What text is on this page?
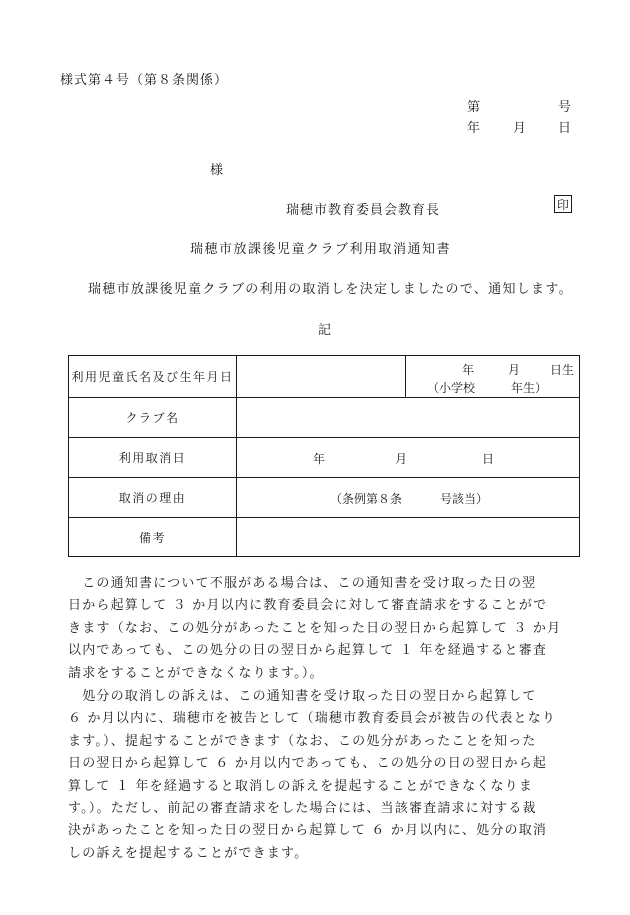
様式第４号（第８条関係）
第	号
年	月 日
様
瑞穂市教育委員会教育長	印
瑞穂市放課後児童クラブ利用取消通知書
瑞穂市放課後児童クラブの利用の取消しを決定しましたので、通知します。
記
利用児童氏名及び生年月日	年 月 日生
（小学校 年生）

クラブ名	
利用取消日	年 月 日

取消の理由	（条例第８条 号該当）

備考	

　この通知書について不服がある場合は、この通知書を受け取った日の翌
日から起算して ３ か月以内に教育委員会に対して審査請求をすることがで
きます（なお、この処分があったことを知った日の翌日から起算して ３ か月
以内であっても、この処分の日の翌日から起算して １ 年を経過すると審査
請求をすることができなくなります。）。

　処分の取消しの訴えは、この通知書を受け取った日の翌日から起算して
６ か月以内に、瑞穂市を被告として（瑞穂市教育委員会が被告の代表となり
ます。）、提起することができます（なお、この処分があったことを知った
日の翌日から起算して ６ か月以内であっても、この処分の日の翌日から起
算して １ 年を経過すると取消しの訴えを提起することができなくなりま
す。）。ただし、前記の審査請求をした場合には、当該審査請求に対する裁
決があったことを知った日の翌日から起算して ６ か月以内に、処分の取消
しの訴えを提起することができます。
